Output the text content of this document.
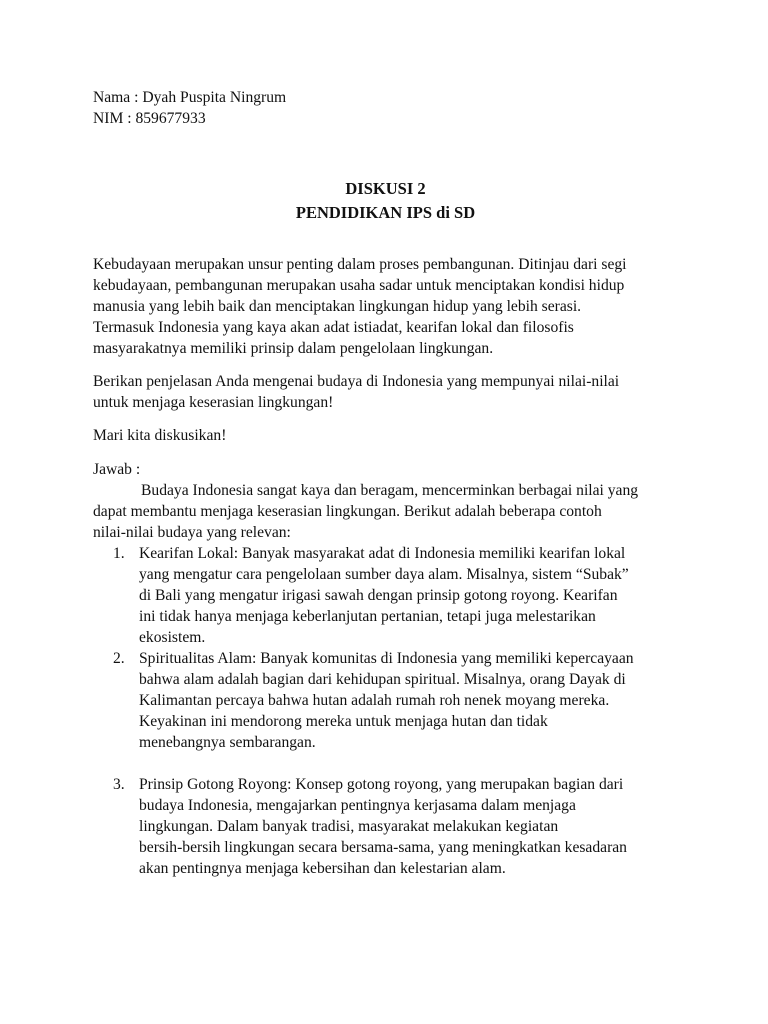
Nama : Dyah Puspita Ningrum

NIM : 859677933

DISKUSI 2

PENDIDIKAN IPS di SD

Kebudayaan merupakan unsur penting dalam proses pembangunan. Ditinjau dari segi

kebudayaan, pembangunan merupakan usaha sadar untuk menciptakan kondisi hidup

manusia yang lebih baik dan menciptakan lingkungan hidup yang lebih serasi.

Termasuk Indonesia yang kaya akan adat istiadat, kearifan lokal dan filosofis

masyarakatnya memiliki prinsip dalam pengelolaan lingkungan.

Berikan penjelasan Anda mengenai budaya di Indonesia yang mempunyai nilai-nilai

untuk menjaga keserasian lingkungan!

Mari kita diskusikan!

Jawab :

Budaya Indonesia sangat kaya dan beragam, mencerminkan berbagai nilai yang

dapat membantu menjaga keserasian lingkungan. Berikut adalah beberapa contoh

nilai-nilai budaya yang relevan:

1. Kearifan Lokal: Banyak masyarakat adat di Indonesia memiliki kearifan lokal

yang mengatur cara pengelolaan sumber daya alam. Misalnya, sistem “Subak”

di Bali yang mengatur irigasi sawah dengan prinsip gotong royong. Kearifan

ini tidak hanya menjaga keberlanjutan pertanian, tetapi juga melestarikan

ekosistem.

2. Spiritualitas Alam: Banyak komunitas di Indonesia yang memiliki kepercayaan

bahwa alam adalah bagian dari kehidupan spiritual. Misalnya, orang Dayak di

Kalimantan percaya bahwa hutan adalah rumah roh nenek moyang mereka.

Keyakinan ini mendorong mereka untuk menjaga hutan dan tidak

menebangnya sembarangan.

3. Prinsip Gotong Royong: Konsep gotong royong, yang merupakan bagian dari

budaya Indonesia, mengajarkan pentingnya kerjasama dalam menjaga

lingkungan. Dalam banyak tradisi, masyarakat melakukan kegiatan

bersih-bersih lingkungan secara bersama-sama, yang meningkatkan kesadaran

akan pentingnya menjaga kebersihan dan kelestarian alam.
